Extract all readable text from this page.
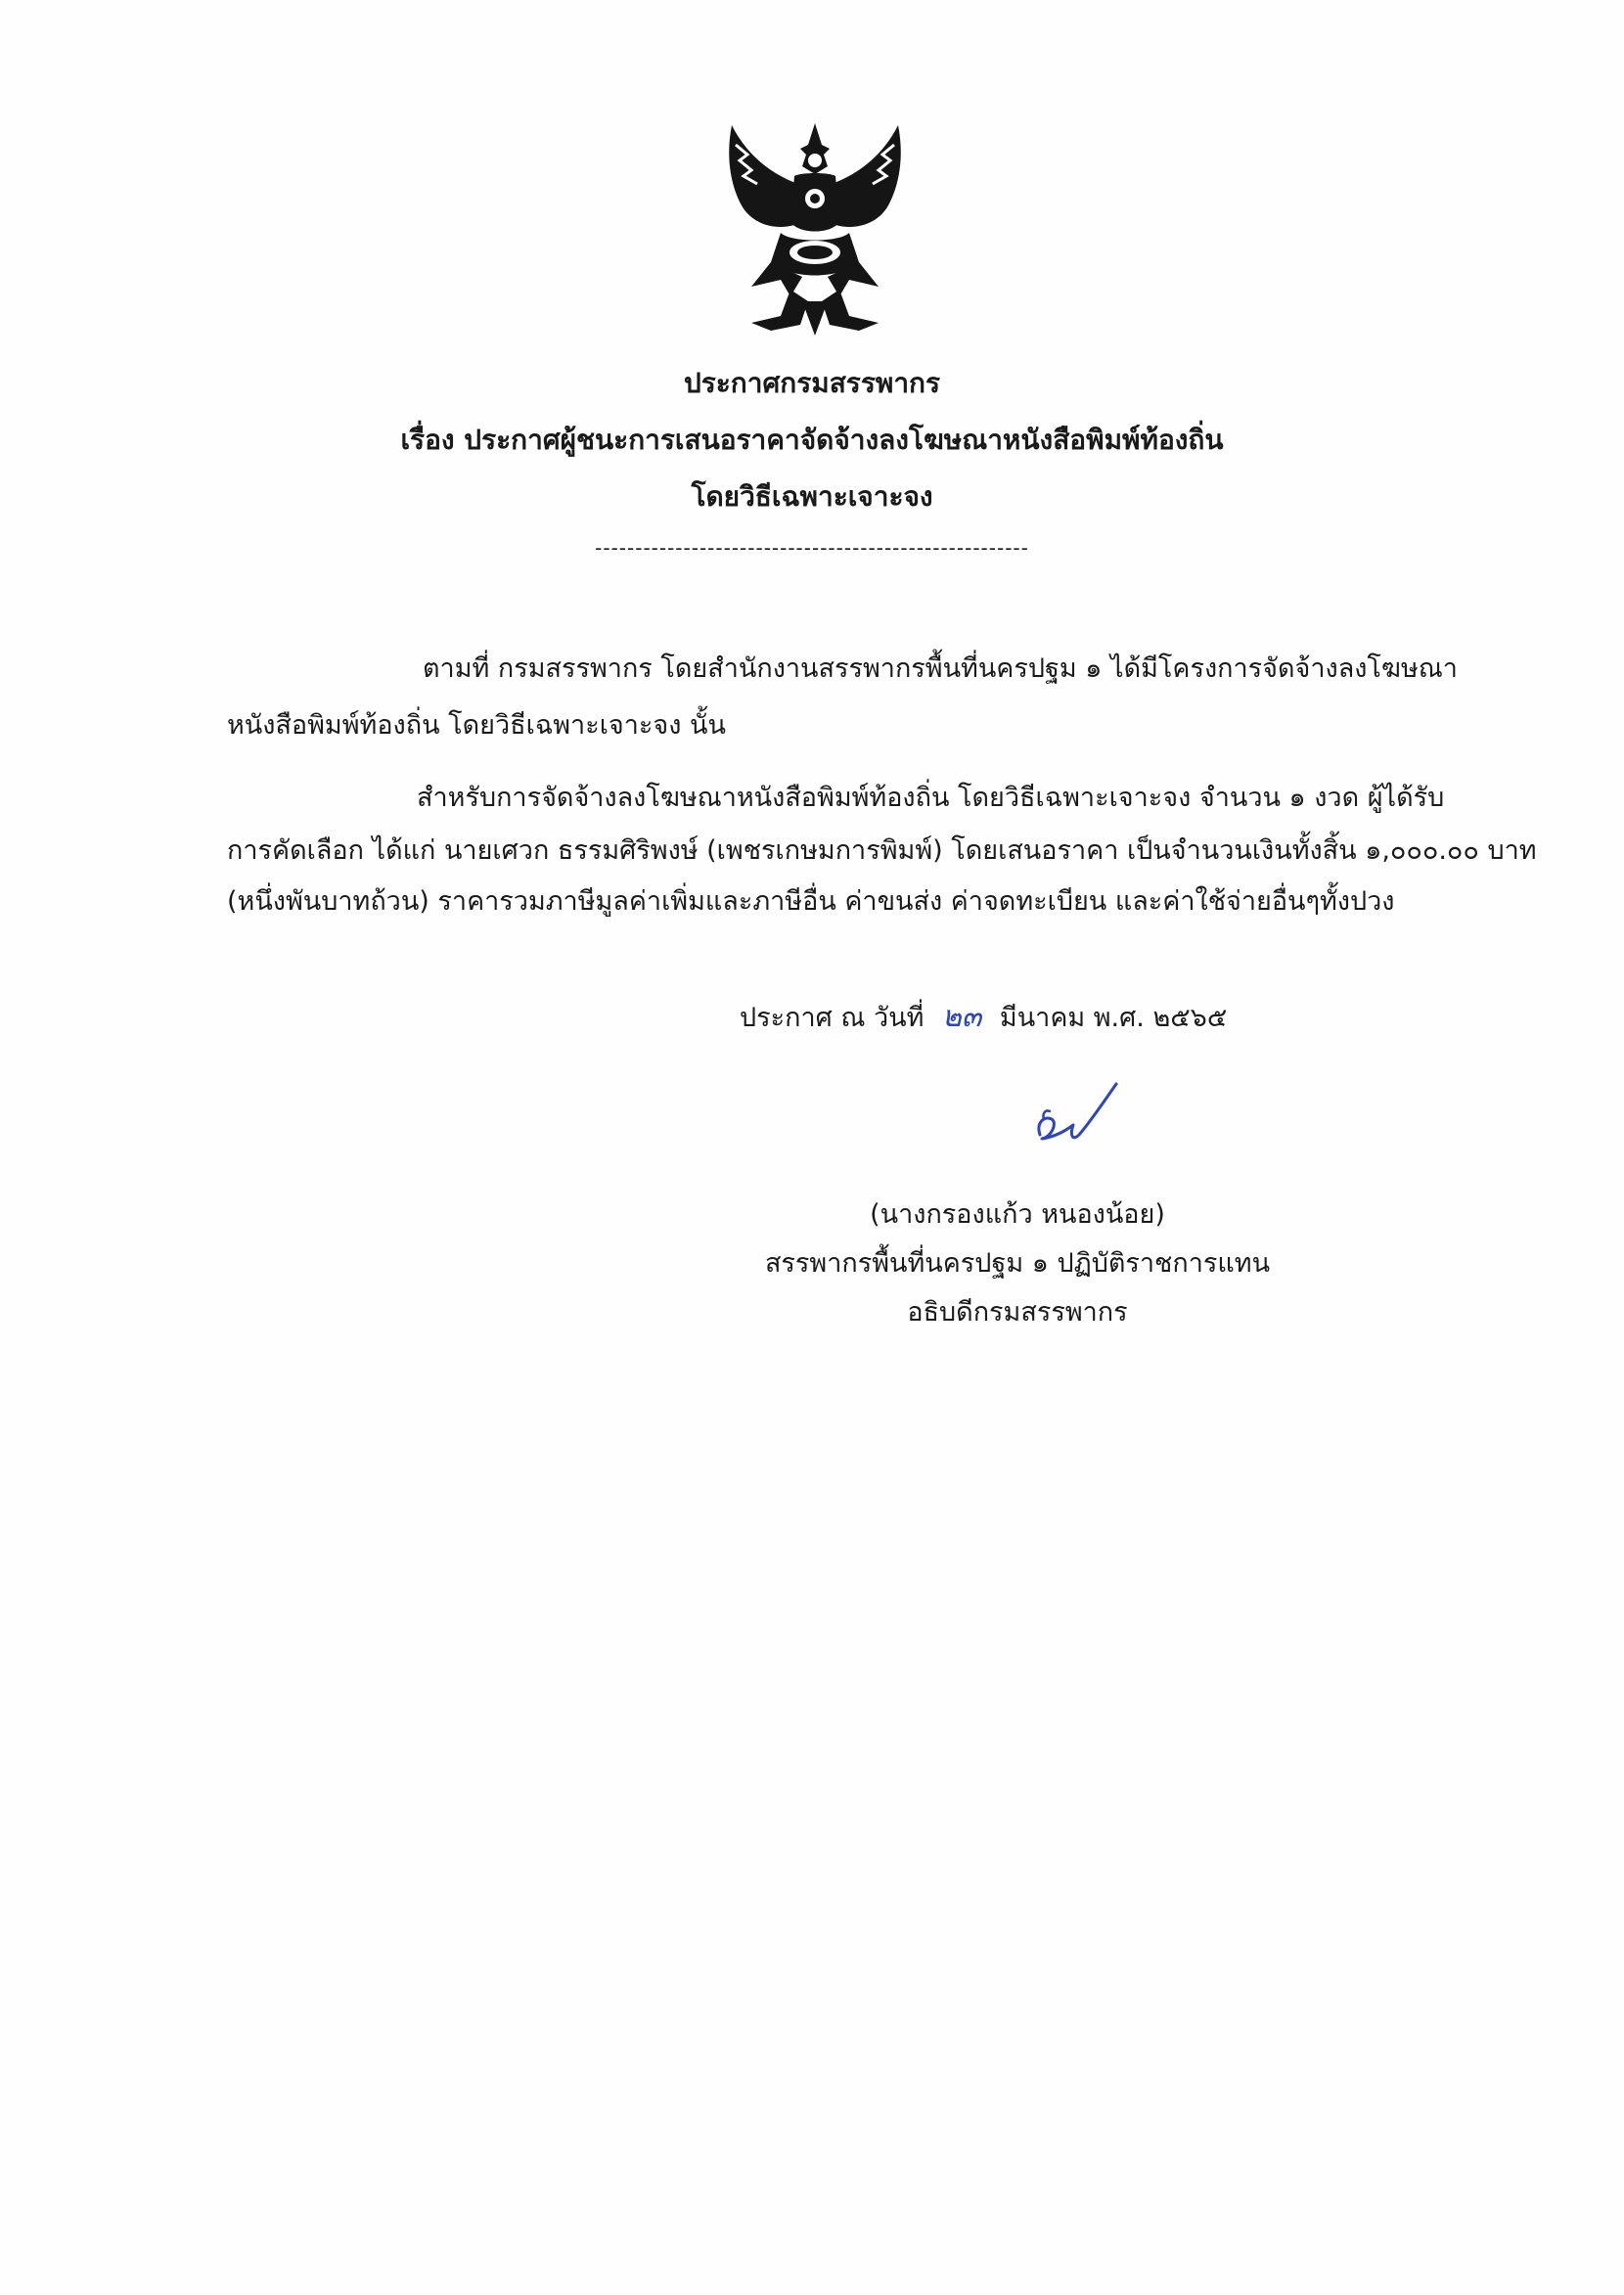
ประกาศกรมสรรพากร
เรื่อง ประกาศผู้ชนะการเสนอราคาจัดจ้างลงโฆษณาหนังสือพิมพ์ท้องถิ่น
โดยวิธีเฉพาะเจาะจง
------------------------------------------------------
ตามที่ กรมสรรพากร โดยสำนักงานสรรพากรพื้นที่นครปฐม ๑ ได้มีโครงการจัดจ้างลงโฆษณา
หนังสือพิมพ์ท้องถิ่น โดยวิธีเฉพาะเจาะจง นั้น
สำหรับการจัดจ้างลงโฆษณาหนังสือพิมพ์ท้องถิ่น โดยวิธีเฉพาะเจาะจง จำนวน ๑ งวด ผู้ได้รับ
การคัดเลือก ได้แก่ นายเศวก ธรรมศิริพงษ์ (เพชรเกษมการพิมพ์) โดยเสนอราคา เป็นจำนวนเงินทั้งสิ้น ๑,๐๐๐.๐๐ บาท
(หนึ่งพันบาทถ้วน) ราคารวมภาษีมูลค่าเพิ่มและภาษีอื่น ค่าขนส่ง ค่าจดทะเบียน และค่าใช้จ่ายอื่นๆทั้งปวง
ประกาศ ณ วันที่ ๒๓ มีนาคม พ.ศ. ๒๕๖๕
(นางกรองแก้ว หนองน้อย)
สรรพากรพื้นที่นครปฐม ๑ ปฏิบัติราชการแทน
อธิบดีกรมสรรพากร
